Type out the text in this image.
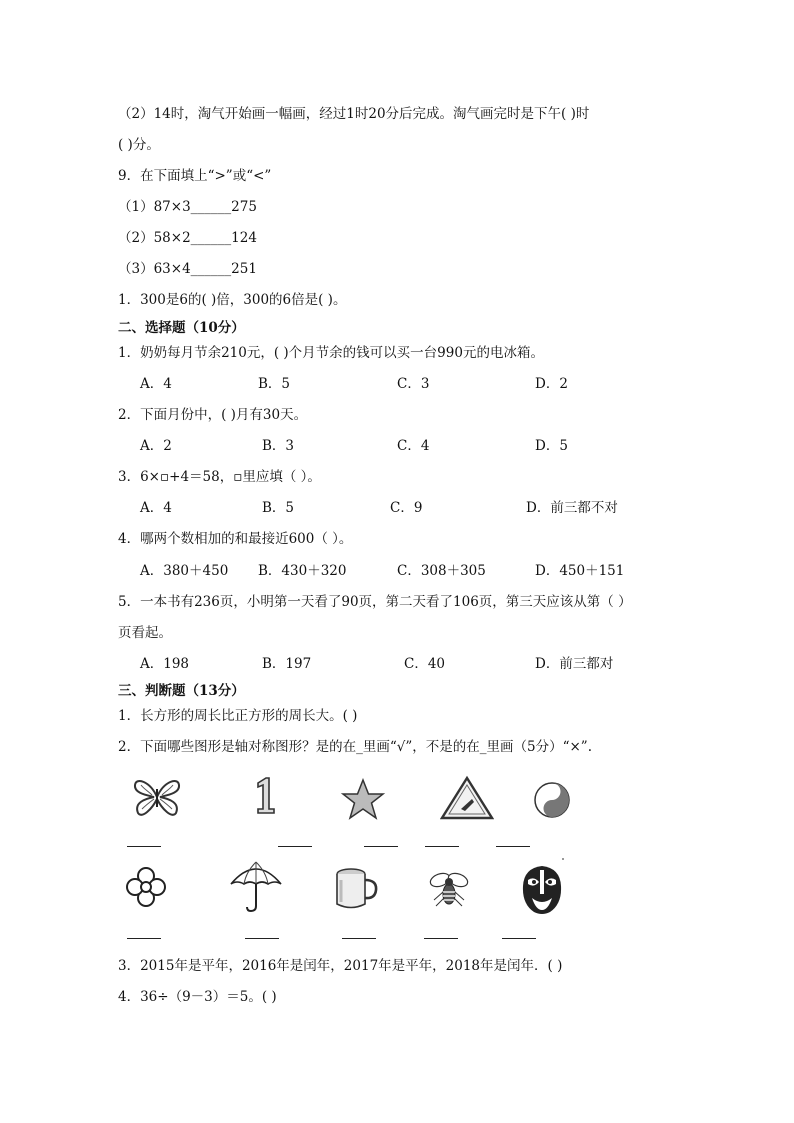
（2）14时，淘气开始画一幅画，经过1时20分后完成。淘气画完时是下午( )时
( )分。
9．在下面填上“>”或“<”
（1）87×3______275
（2）58×2______124
（3）63×4______251
1．300是6的( )倍，300的6倍是( )。
二、选择题（10分）
1．奶奶每月节余210元，( )个月节余的钱可以买一台990元的电冰箱。
A．4	B．5	C．3	D．2
2．下面月份中，( )月有30天。
A．2	B．3	C．4	D．5
3．6×▫+4＝58，▫里应填（ ）。
A．4	B．5	C．9	D．前三都不对
4．哪两个数相加的和最接近600（ ）。
A．380＋450 B．430＋320	C．308＋305	D．450＋151
5．一本书有236页，小明第一天看了90页，第二天看了106页，第三天应该从第（ ）
页看起。
A．198	B．197	C．40	D．前三都对
三、判断题（13分）
1．长方形的周长比正方形的周长大。( )
2．下面哪些图形是轴对称图形？是的在_里画“√”，不是的在_里画（5分）“×”.
3．2015年是平年，2016年是闰年，2017年是平年，2018年是闰年．( )
4．36÷（9－3）＝5。( )
